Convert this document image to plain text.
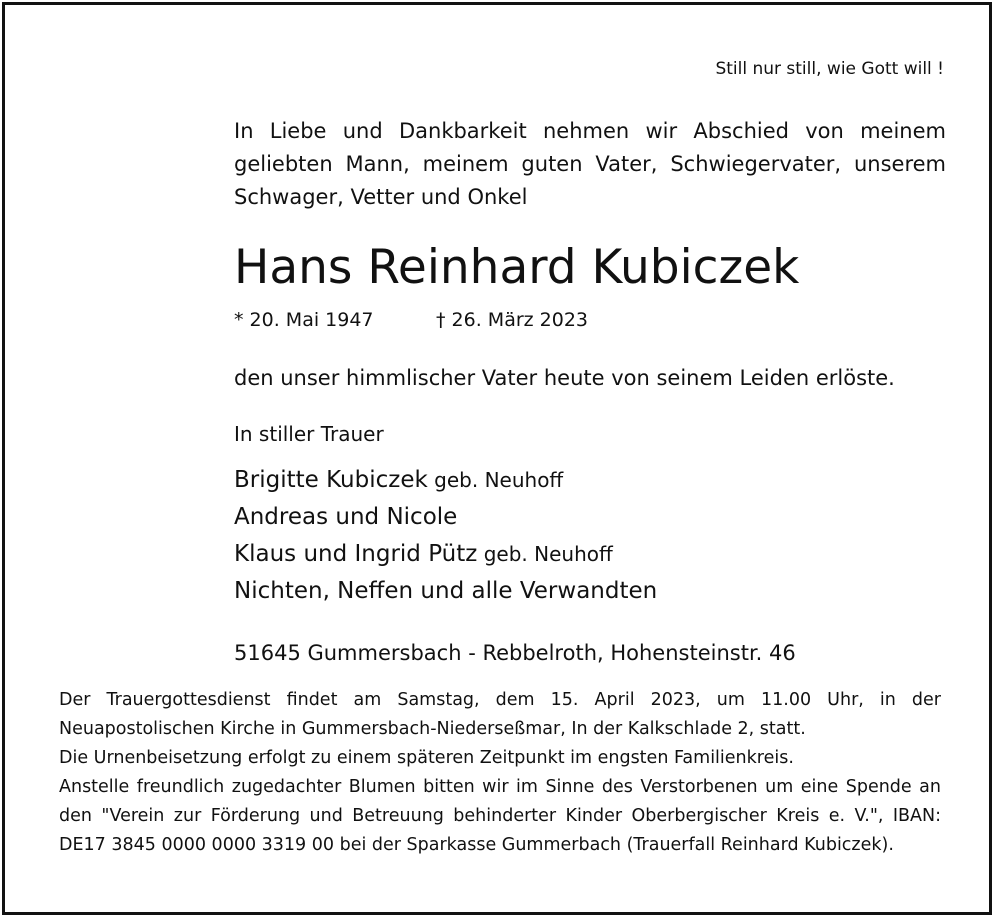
Still nur still, wie Gott will !
In Liebe und Dankbarkeit nehmen wir Abschied von meinem geliebten Mann, meinem guten Vater, Schwiegervater, unserem Schwager, Vetter und Onkel
Hans Reinhard Kubiczek
* 20. Mai 1947	† 26. März 2023
den unser himmlischer Vater heute von seinem Leiden erlöste.
In stiller Trauer
Brigitte Kubiczek geb. Neuhoff
Andreas und Nicole
Klaus und Ingrid Pütz geb. Neuhoff
Nichten, Neffen und alle Verwandten
51645 Gummersbach - Rebbelroth, Hohensteinstr. 46

Der Trauergottesdienst findet am Samstag, dem 15. April 2023, um 11.00 Uhr, in der Neuapostolischen Kirche in Gummersbach-Niederseßmar, In der Kalkschlade 2, statt.

Die Urnenbeisetzung erfolgt zu einem späteren Zeitpunkt im engsten Familienkreis.

Anstelle freundlich zugedachter Blumen bitten wir im Sinne des Verstorbenen um eine Spende an den "Verein zur Förderung und Betreuung behinderter Kinder Oberbergischer Kreis e. V.", IBAN: DE17 3845 0000 0000 3319 00 bei der Sparkasse Gummerbach (Trauerfall Reinhard Kubiczek).
